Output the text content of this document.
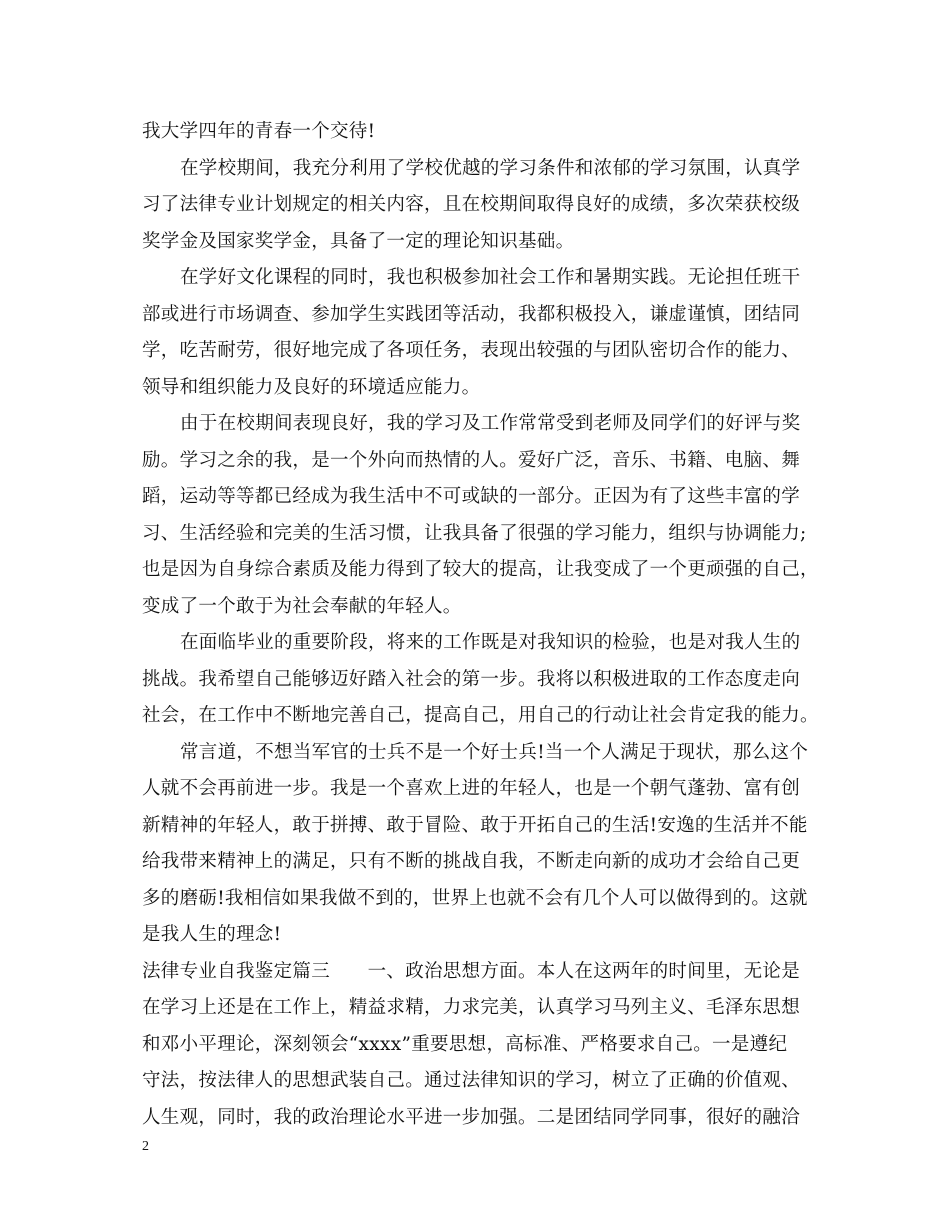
我大学四年的青春一个交待!
在学校期间，我充分利用了学校优越的学习条件和浓郁的学习氛围，认真学
习了法律专业计划规定的相关内容，且在校期间取得良好的成绩，多次荣获校级
奖学金及国家奖学金，具备了一定的理论知识基础。
在学好文化课程的同时，我也积极参加社会工作和暑期实践。无论担任班干
部或进行市场调查、参加学生实践团等活动，我都积极投入，谦虚谨慎，团结同
学，吃苦耐劳，很好地完成了各项任务，表现出较强的与团队密切合作的能力、
领导和组织能力及良好的环境适应能力。
由于在校期间表现良好，我的学习及工作常常受到老师及同学们的好评与奖
励。学习之余的我，是一个外向而热情的人。爱好广泛，音乐、书籍、电脑、舞
蹈，运动等等都已经成为我生活中不可或缺的一部分。正因为有了这些丰富的学
习、生活经验和完美的生活习惯，让我具备了很强的学习能力，组织与协调能力;
也是因为自身综合素质及能力得到了较大的提高，让我变成了一个更顽强的自己，
变成了一个敢于为社会奉献的年轻人。
在面临毕业的重要阶段，将来的工作既是对我知识的检验，也是对我人生的
挑战。我希望自己能够迈好踏入社会的第一步。我将以积极进取的工作态度走向
社会，在工作中不断地完善自己，提高自己，用自己的行动让社会肯定我的能力。
常言道，不想当军官的士兵不是一个好士兵!当一个人满足于现状，那么这个
人就不会再前进一步。我是一个喜欢上进的年轻人，也是一个朝气蓬勃、富有创
新精神的年轻人，敢于拼搏、敢于冒险、敢于开拓自己的生活!安逸的生活并不能
给我带来精神上的满足，只有不断的挑战自我，不断走向新的成功才会给自己更
多的磨砺!我相信如果我做不到的，世界上也就不会有几个人可以做得到的。这就
是我人生的理念!
法律专业自我鉴定篇三　　一、政治思想方面。本人在这两年的时间里，无论是
在学习上还是在工作上，精益求精，力求完美，认真学习马列主义、毛泽东思想
和邓小平理论，深刻领会“xxxx”重要思想，高标准、严格要求自己。一是遵纪
守法，按法律人的思想武装自己。通过法律知识的学习，树立了正确的价值观、
人生观，同时，我的政治理论水平进一步加强。二是团结同学同事，很好的融洽
2
